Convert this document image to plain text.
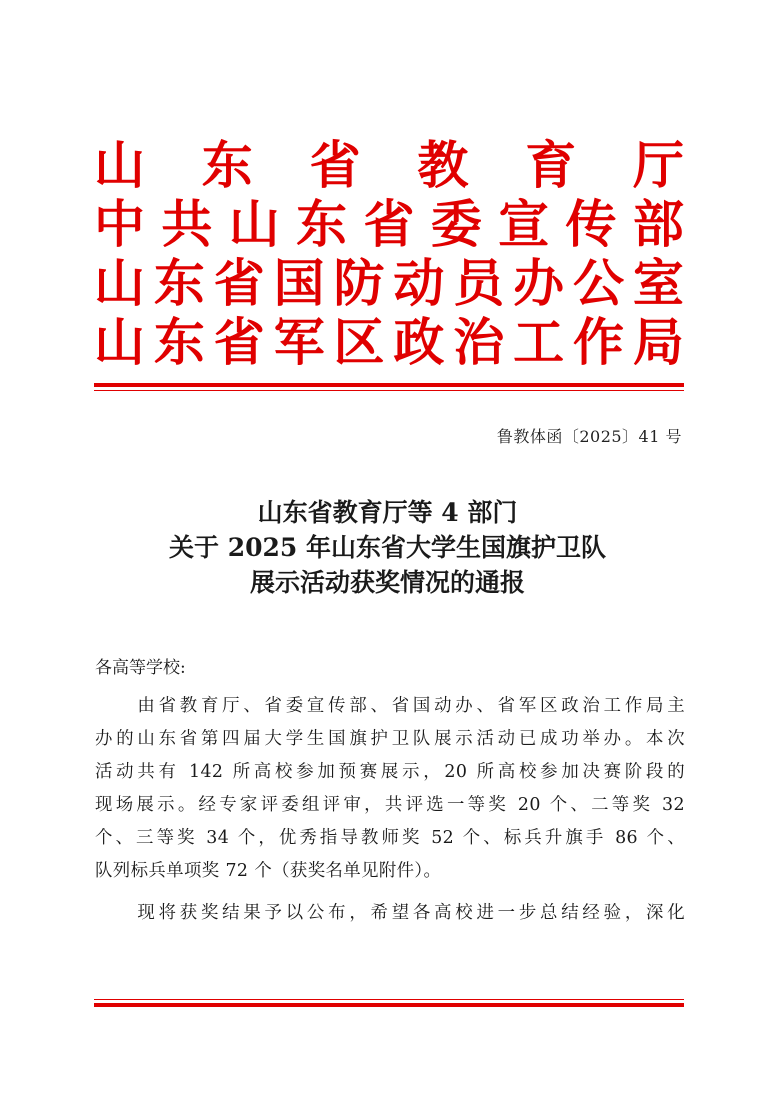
山 东 省 教 育 厅
中 共 山 东 省 委 宣 传 部
山 东 省 国 防 动 员 办 公 室
山 东 省 军 区 政 治 工 作 局
鲁教体函〔2025〕41 号
山东省教育厅等 4 部门
关于 2025 年山东省大学生国旗护卫队
展示活动获奖情况的通报
各高等学校:
　　由省教育厅、省委宣传部、省国动办、省军区政治工作局主
办的山东省第四届大学生国旗护卫队展示活动已成功举办。本次
活动共有 142 所高校参加预赛展示，20 所高校参加决赛阶段的
现场展示。经专家评委组评审，共评选一等奖 20 个、二等奖 32
个、三等奖 34 个，优秀指导教师奖 52 个、标兵升旗手 86 个、
队列标兵单项奖 72 个（获奖名单见附件）。
　　现将获奖结果予以公布，希望各高校进一步总结经验，深化
